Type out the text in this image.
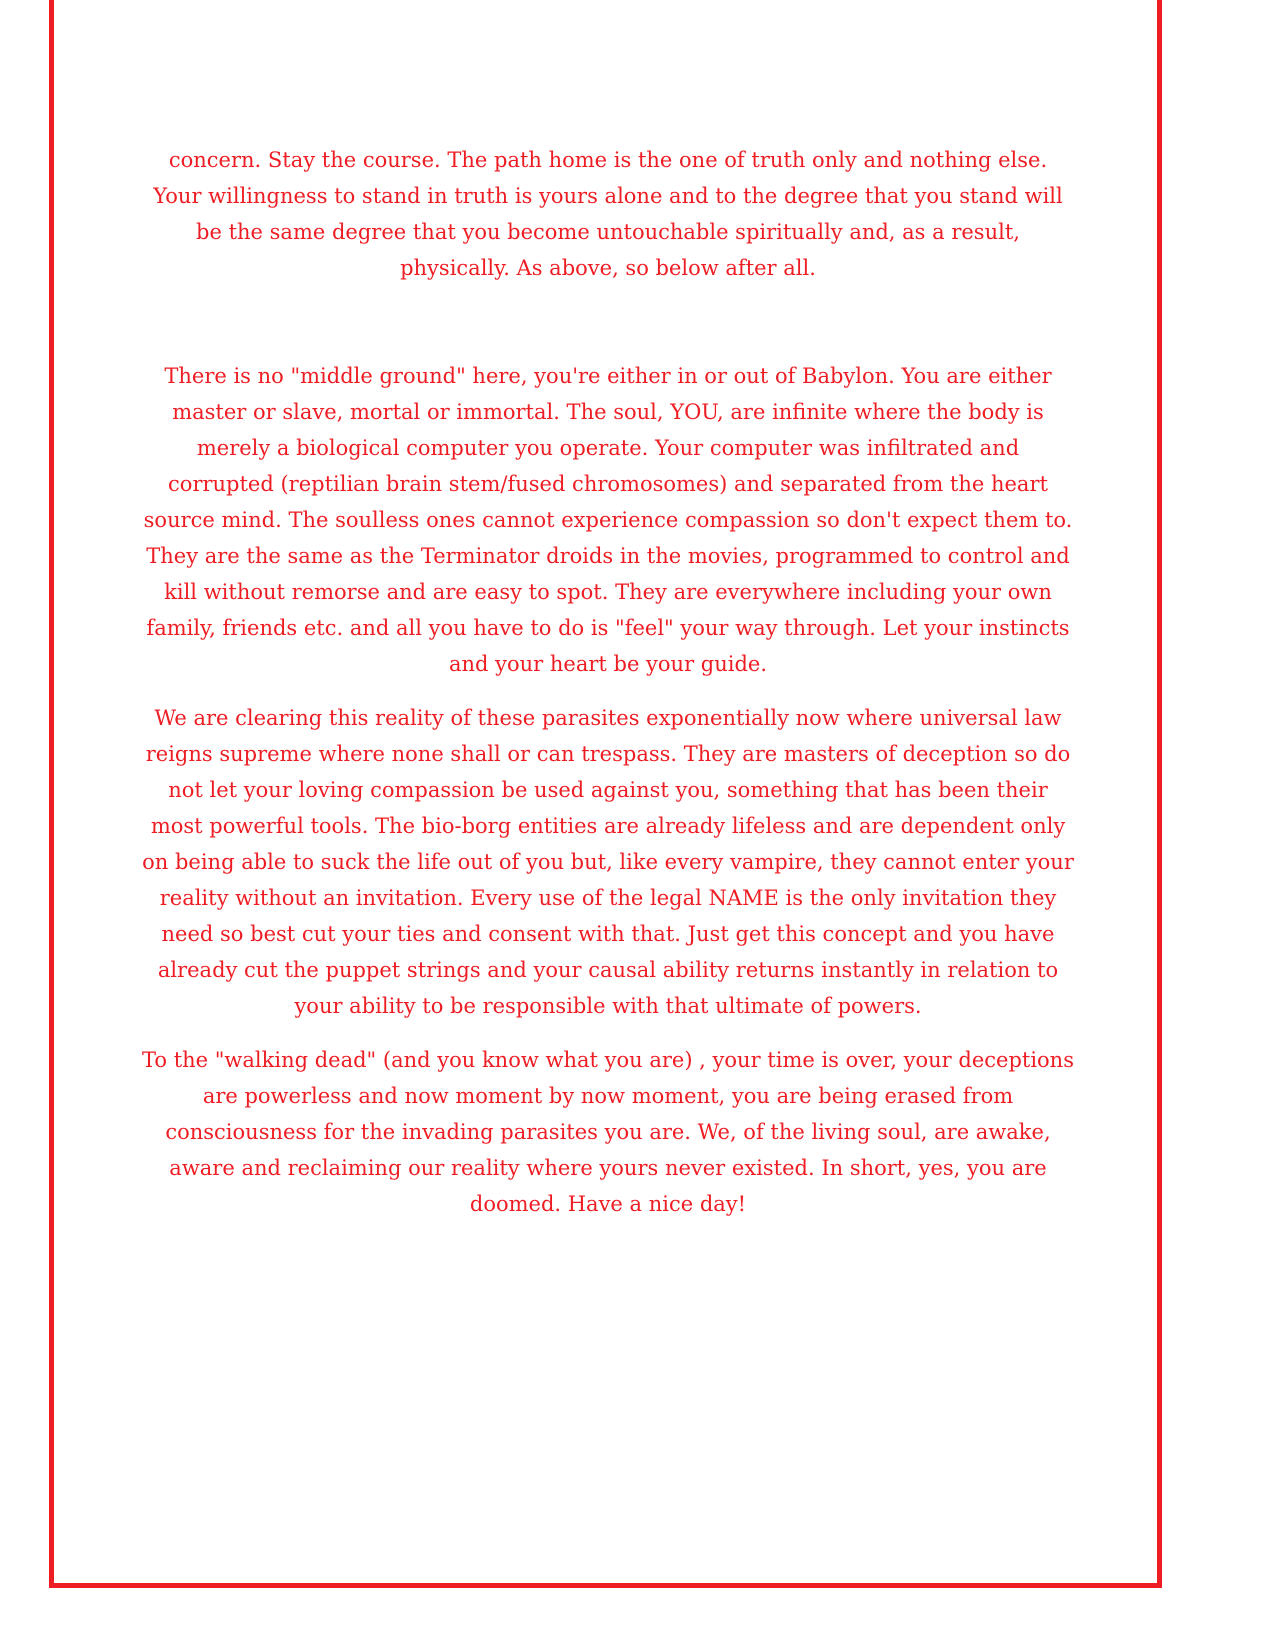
concern. Stay the course. The path home is the one of truth only and nothing else. Your willingness to stand in truth is yours alone and to the degree that you stand will be the same degree that you become untouchable spiritually and, as a result, physically. As above, so below after all.

There is no "middle ground" here, you're either in or out of Babylon. You are either master or slave, mortal or immortal. The soul, YOU, are infinite where the body is merely a biological computer you operate. Your computer was infiltrated and corrupted (reptilian brain stem/fused chromosomes) and separated from the heart source mind. The soulless ones cannot experience compassion so don't expect them to. They are the same as the Terminator droids in the movies, programmed to control and kill without remorse and are easy to spot. They are everywhere including your own family, friends etc. and all you have to do is "feel" your way through. Let your instincts and your heart be your guide.

We are clearing this reality of these parasites exponentially now where universal law reigns supreme where none shall or can trespass. They are masters of deception so do not let your loving compassion be used against you, something that has been their most powerful tools. The bio-borg entities are already lifeless and are dependent only on being able to suck the life out of you but, like every vampire, they cannot enter your reality without an invitation. Every use of the legal NAME is the only invitation they need so best cut your ties and consent with that. Just get this concept and you have already cut the puppet strings and your causal ability returns instantly in relation to your ability to be responsible with that ultimate of powers.

To the "walking dead" (and you know what you are) , your time is over, your deceptions are powerless and now moment by now moment, you are being erased from consciousness for the invading parasites you are. We, of the living soul, are awake, aware and reclaiming our reality where yours never existed. In short, yes, you are doomed. Have a nice day!
